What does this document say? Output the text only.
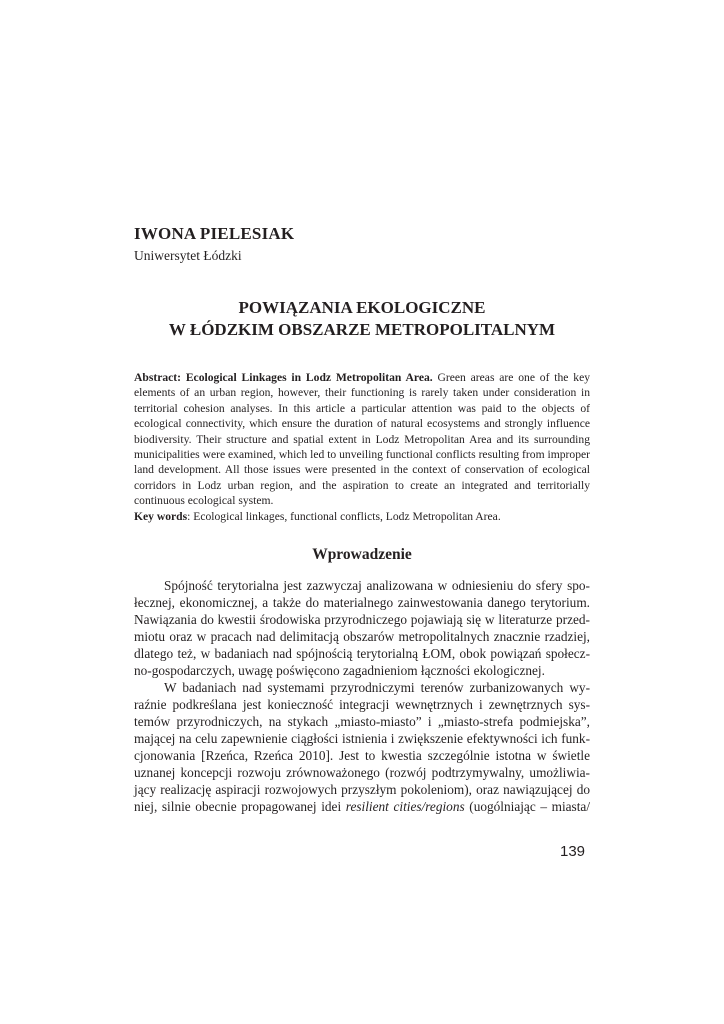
IWONA PIELESIAK
Uniwersytet Łódzki
POWIĄZANIA EKOLOGICZNE
W ŁÓDZKIM OBSZARZE METROPOLITALNYM
Abstract: Ecological Linkages in Lodz Metropolitan Area. Green areas are one of the key elements of an urban region, however, their functioning is rarely taken under consideration in territorial cohesion analyses. In this article a particular attention was paid to the objects of ecological connectivity, which ensure the duration of natural ecosystems and strongly influence biodiversity. Their structure and spatial extent in Lodz Metropolitan Area and its surrounding municipalities were examined, which led to unveiling functional conflicts resulting from improper land development. All those issues were presented in the context of conservation of ecological corridors in Lodz urban region, and the aspiration to create an integrated and territorially continuous ecological system.
Key words: Ecological linkages, functional conflicts, Lodz Metropolitan Area.
Wprowadzenie
Spójność terytorialna jest zazwyczaj analizowana w odniesieniu do sfery spo-
łecznej, ekonomicznej, a także do materialnego zainwestowania danego terytorium.
Nawiązania do kwestii środowiska przyrodniczego pojawiają się w literaturze przed-
miotu oraz w pracach nad delimitacją obszarów metropolitalnych znacznie rzadziej,
dlatego też, w badaniach nad spójnością terytorialną ŁOM, obok powiązań społecz-
no-gospodarczych, uwagę poświęcono zagadnieniom łączności ekologicznej.
W badaniach nad systemami przyrodniczymi terenów zurbanizowanych wy-
raźnie podkreślana jest konieczność integracji wewnętrznych i zewnętrznych sys-
temów przyrodniczych, na stykach „miasto-miasto” i „miasto-strefa podmiejska”,
mającej na celu zapewnienie ciągłości istnienia i zwiększenie efektywności ich funk-
cjonowania [Rzeńca, Rzeńca 2010]. Jest to kwestia szczególnie istotna w świetle
uznanej koncepcji rozwoju zrównoważonego (rozwój podtrzymywalny, umożliwia-
jący realizację aspiracji rozwojowych przyszłym pokoleniom), oraz nawiązującej do
niej, silnie obecnie propagowanej idei resilient cities/regions (uogólniając – miasta/
139
